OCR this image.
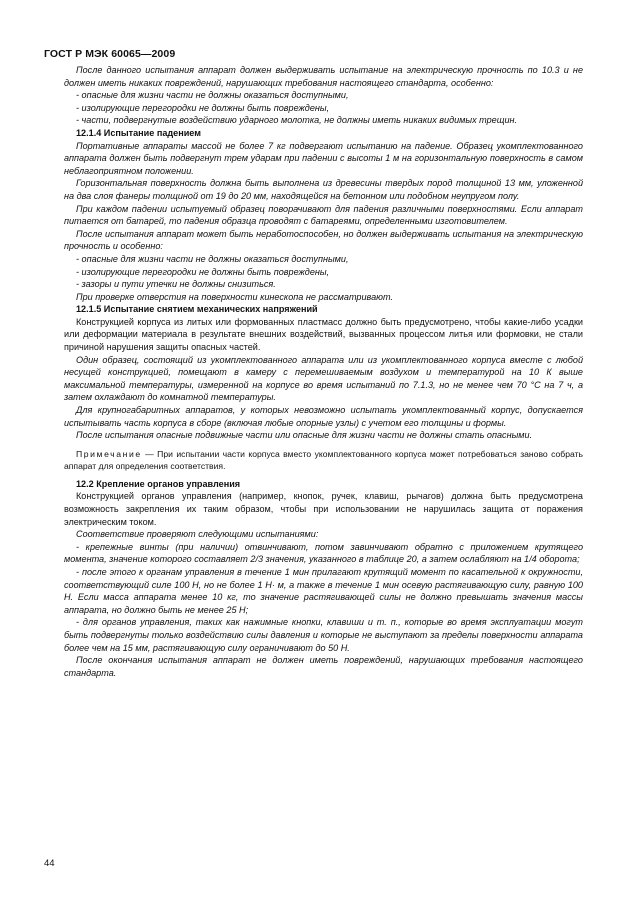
ГОСТ Р МЭК 60065—2009

После данного испытания аппарат должен выдерживать испытание на электрическую прочность по 10.3 и не должен иметь никаких повреждений, нарушающих требования настоящего стандарта, особенно:

- опасные для жизни части не должны оказаться доступными,

- изолирующие перегородки не должны быть повреждены,

- части, подвергнутые воздействию ударного молотка, не должны иметь никаких видимых трещин.

12.1.4 Испытание падением

Портативные аппараты массой не более 7 кг подвергают испытанию на падение. Образец укомплектованного аппарата должен быть подвергнут трем ударам при падении с высоты 1 м на горизонтальную поверхность в самом неблагоприятном положении.

Горизонтальная поверхность должна быть выполнена из древесины твердых пород толщиной 13 мм, уложенной на два слоя фанеры толщиной от 19 до 20 мм, находящейся на бетонном или подобном неупругом полу.

При каждом падении испытуемый образец поворачивают для падения различными поверхностями. Если аппарат питается от батарей, то падения образца проводят с батареями, определенными изготовителем.

После испытания аппарат может быть неработоспособен, но должен выдерживать испытания на электрическую прочность и особенно:

- опасные для жизни части не должны оказаться доступными,

- изолирующие перегородки не должны быть повреждены,

- зазоры и пути утечки не должны снизиться.

При проверке отверстия на поверхности кинескопа не рассматривают.

12.1.5 Испытание снятием механических напряжений

Конструкцией корпуса из литых или формованных пластмасс должно быть предусмотрено, чтобы какие-либо усадки или деформации материала в результате внешних воздействий, вызванных процессом литья или формовки, не стали причиной нарушения защиты опасных частей.

Один образец, состоящий из укомплектованного аппарата или из укомплектованного корпуса вместе с любой несущей конструкцией, помещают в камеру с перемешиваемым воздухом и температурой на 10 К выше максимальной температуры, измеренной на корпусе во время испытаний по 7.1.3, но не менее чем 70 °С на 7 ч, а затем охлаждают до комнатной температуры.

Для крупногабаритных аппаратов, у которых невозможно испытать укомплектованный корпус, допускается испытывать часть корпуса в сборе (включая любые опорные узлы) с учетом его толщины и формы.

После испытания опасные подвижные части или опасные для жизни части не должны стать опасными.

Примечание — При испытании части корпуса вместо укомплектованного корпуса может потребоваться заново собрать аппарат для определения соответствия.

12.2 Крепление органов управления

Конструкцией органов управления (например, кнопок, ручек, клавиш, рычагов) должна быть предусмотрена возможность закрепления их таким образом, чтобы при использовании не нарушилась защита от поражения электрическим током.

Соответствие проверяют следующими испытаниями:

- крепежные винты (при наличии) отвинчивают, потом завинчивают обратно с приложением крутящего момента, значение которого составляет 2/3 значения, указанного в таблице 20, а затем ослабляют на 1/4 оборота;

- после этого к органам управления в течение 1 мин прилагают крутящий момент по касательной к окружности, соответствующий силе 100 Н, но не более 1 Н· м, а также в течение 1 мин осевую растягивающую силу, равную 100 Н. Если масса аппарата менее 10 кг, то значение растягивающей силы не должно превышать значения массы аппарата, но должно быть не менее 25 Н;

- для органов управления, таких как нажимные кнопки, клавиши и т. п., которые во время эксплуатации могут быть подвергнуты только воздействию силы давления и которые не выступают за пределы поверхности аппарата более чем на 15 мм, растягивающую силу ограничивают до 50 Н.

После окончания испытания аппарат не должен иметь повреждений, нарушающих требования настоящего стандарта.

44
